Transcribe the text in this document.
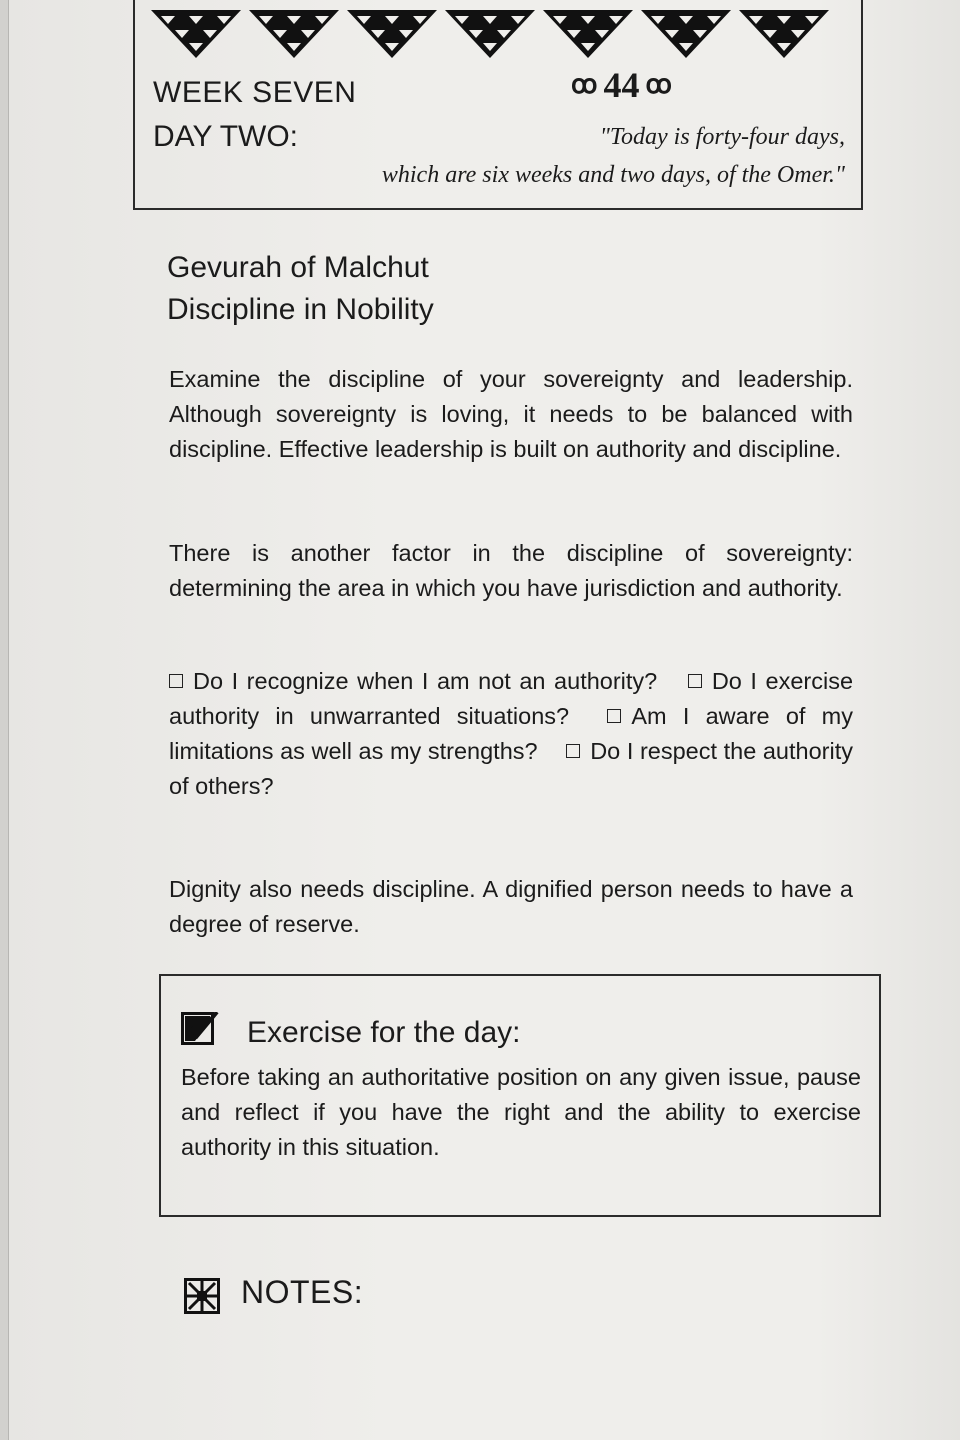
WEEK SEVEN
DAY TWO:
ꝏ 44 ꝏ
"Today is forty-four days,
which are six weeks and two days, of the Omer."
Gevurah of Malchut
Discipline in Nobility

Examine the discipline of your sovereignty and leadership. Although sovereignty is loving, it needs to be balanced with discipline. Effective leadership is built on authority and discipline.

There is another factor in the discipline of sovereignty: determining the area in which you have jurisdiction and authority.

Do I recognize when I am not an authority? Do I exercise authority in unwarranted situations?	Am I aware of my limitations as well as my strengths? Do I respect the authority of others?

Dignity also needs discipline. A dignified person needs to have a degree of reserve.

Exercise for the day:

Before taking an authoritative position on any given issue, pause and reflect if you have the right and the ability to exercise authority in this situation.

NOTES:
